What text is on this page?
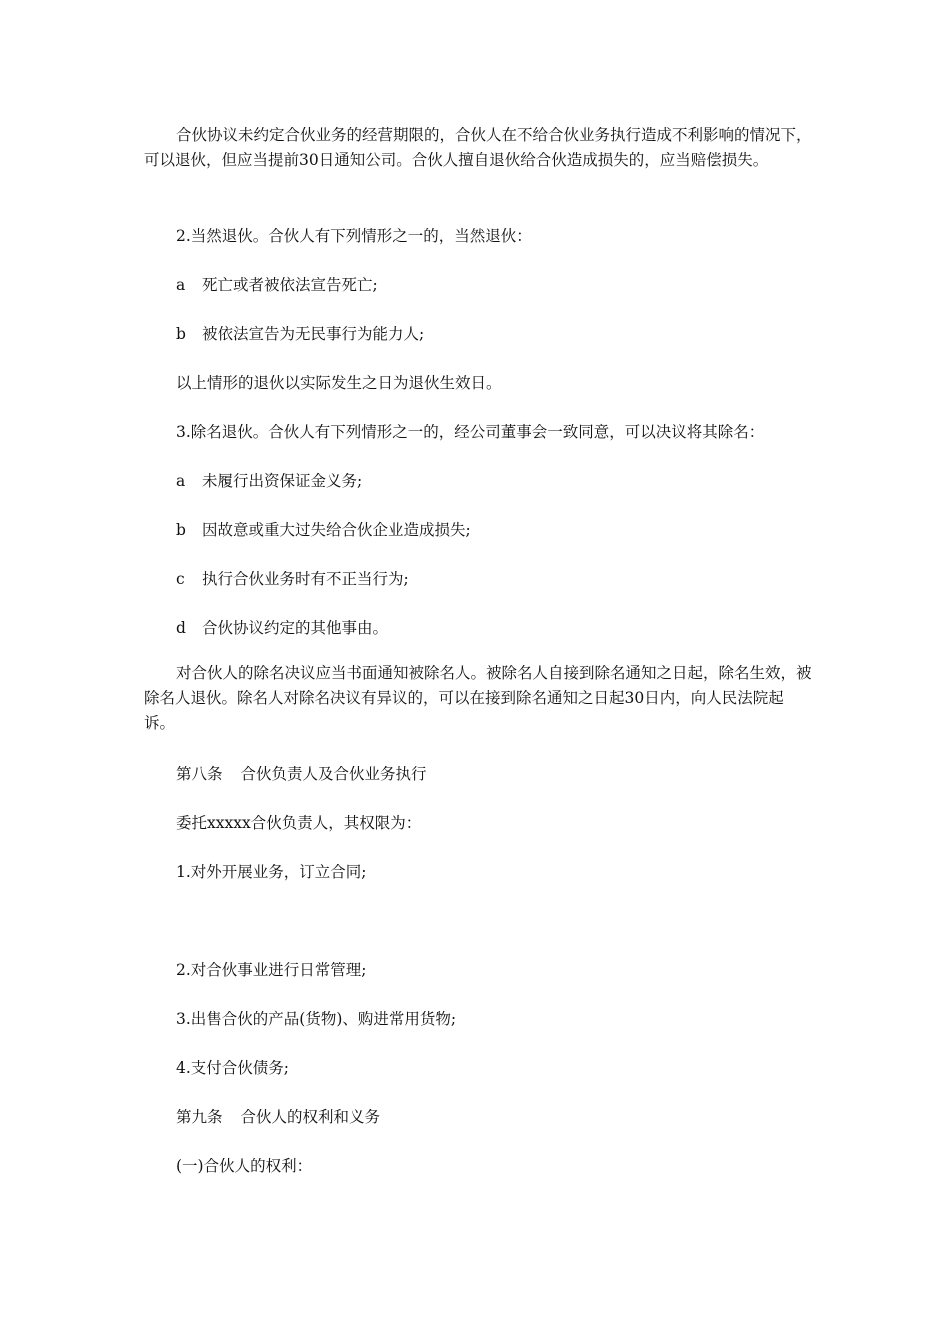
合伙协议未约定合伙业务的经营期限的，合伙人在不给合伙业务执行造成不利影响的情况下，可以退伙，但应当提前30日通知公司。合伙人擅自退伙给合伙造成损失的，应当赔偿损失。

2.当然退伙。合伙人有下列情形之一的，当然退伙：

a 死亡或者被依法宣告死亡;

b 被依法宣告为无民事行为能力人;

以上情形的退伙以实际发生之日为退伙生效日。

3.除名退伙。合伙人有下列情形之一的，经公司董事会一致同意，可以决议将其除名：

a 未履行出资保证金义务;

b 因故意或重大过失给合伙企业造成损失;

c 执行合伙业务时有不正当行为;

d 合伙协议约定的其他事由。

对合伙人的除名决议应当书面通知被除名人。被除名人自接到除名通知之日起，除名生效，被除名人退伙。除名人对除名决议有异议的，可以在接到除名通知之日起30日内，向人民法院起诉。

第八条 合伙负责人及合伙业务执行

委托xxxxx合伙负责人，其权限为：

1.对外开展业务，订立合同;

2.对合伙事业进行日常管理;

3.出售合伙的产品(货物)、购进常用货物;

4.支付合伙债务;

第九条 合伙人的权利和义务

(一)合伙人的权利：
